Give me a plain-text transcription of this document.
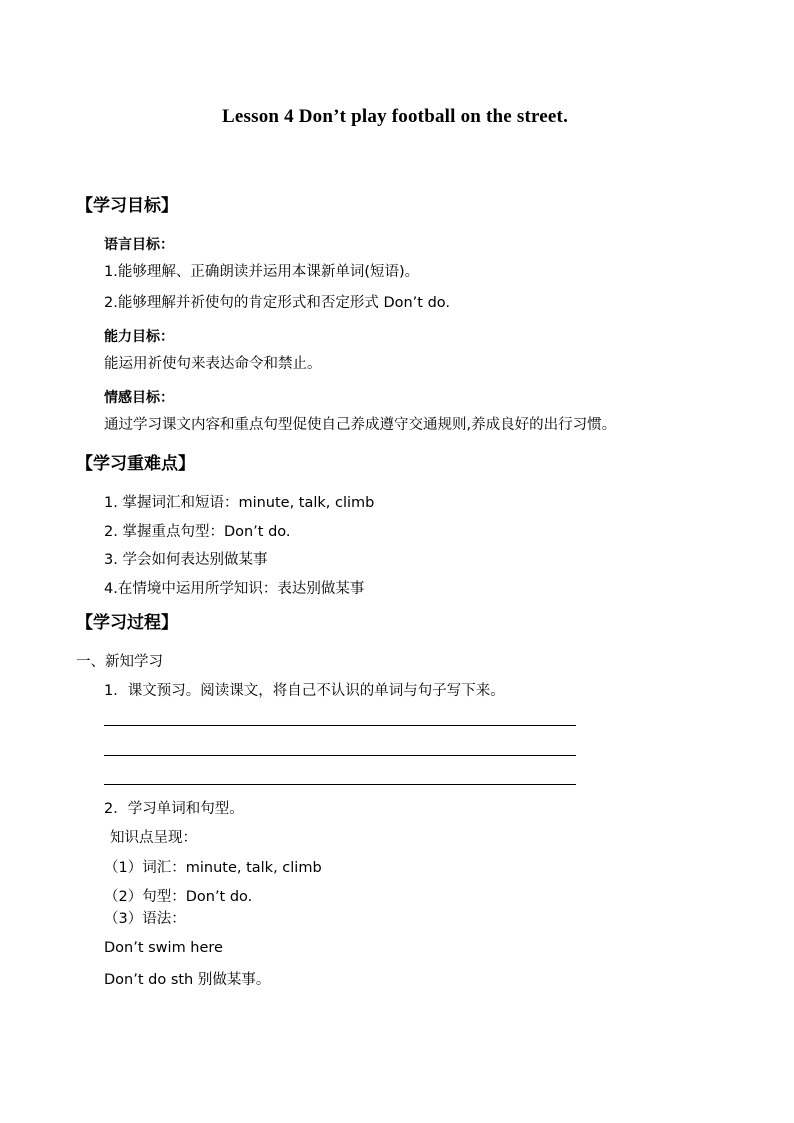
Lesson 4 Don’t play football on the street.
【学习目标】
语言目标：
1.能够理解、正确朗读并运用本课新单词(短语)。
2.能够理解并祈使句的肯定形式和否定形式 Don’t do.
能力目标：
能运用祈使句来表达命令和禁止。
情感目标：
通过学习课文内容和重点句型促使自己养成遵守交通规则,养成良好的出行习惯。
【学习重难点】
1. 掌握词汇和短语：minute, talk, climb
2. 掌握重点句型：Don’t do.
3. 学会如何表达别做某事
4.在情境中运用所学知识：表达别做某事
【学习过程】
一、新知学习
1．课文预习。阅读课文，将自己不认识的单词与句子写下来。
2．学习单词和句型。
知识点呈现：
（1）词汇：minute, talk, climb
（2）句型：Don’t do.
（3）语法：
Don’t swim here
Don’t do sth 别做某事。
